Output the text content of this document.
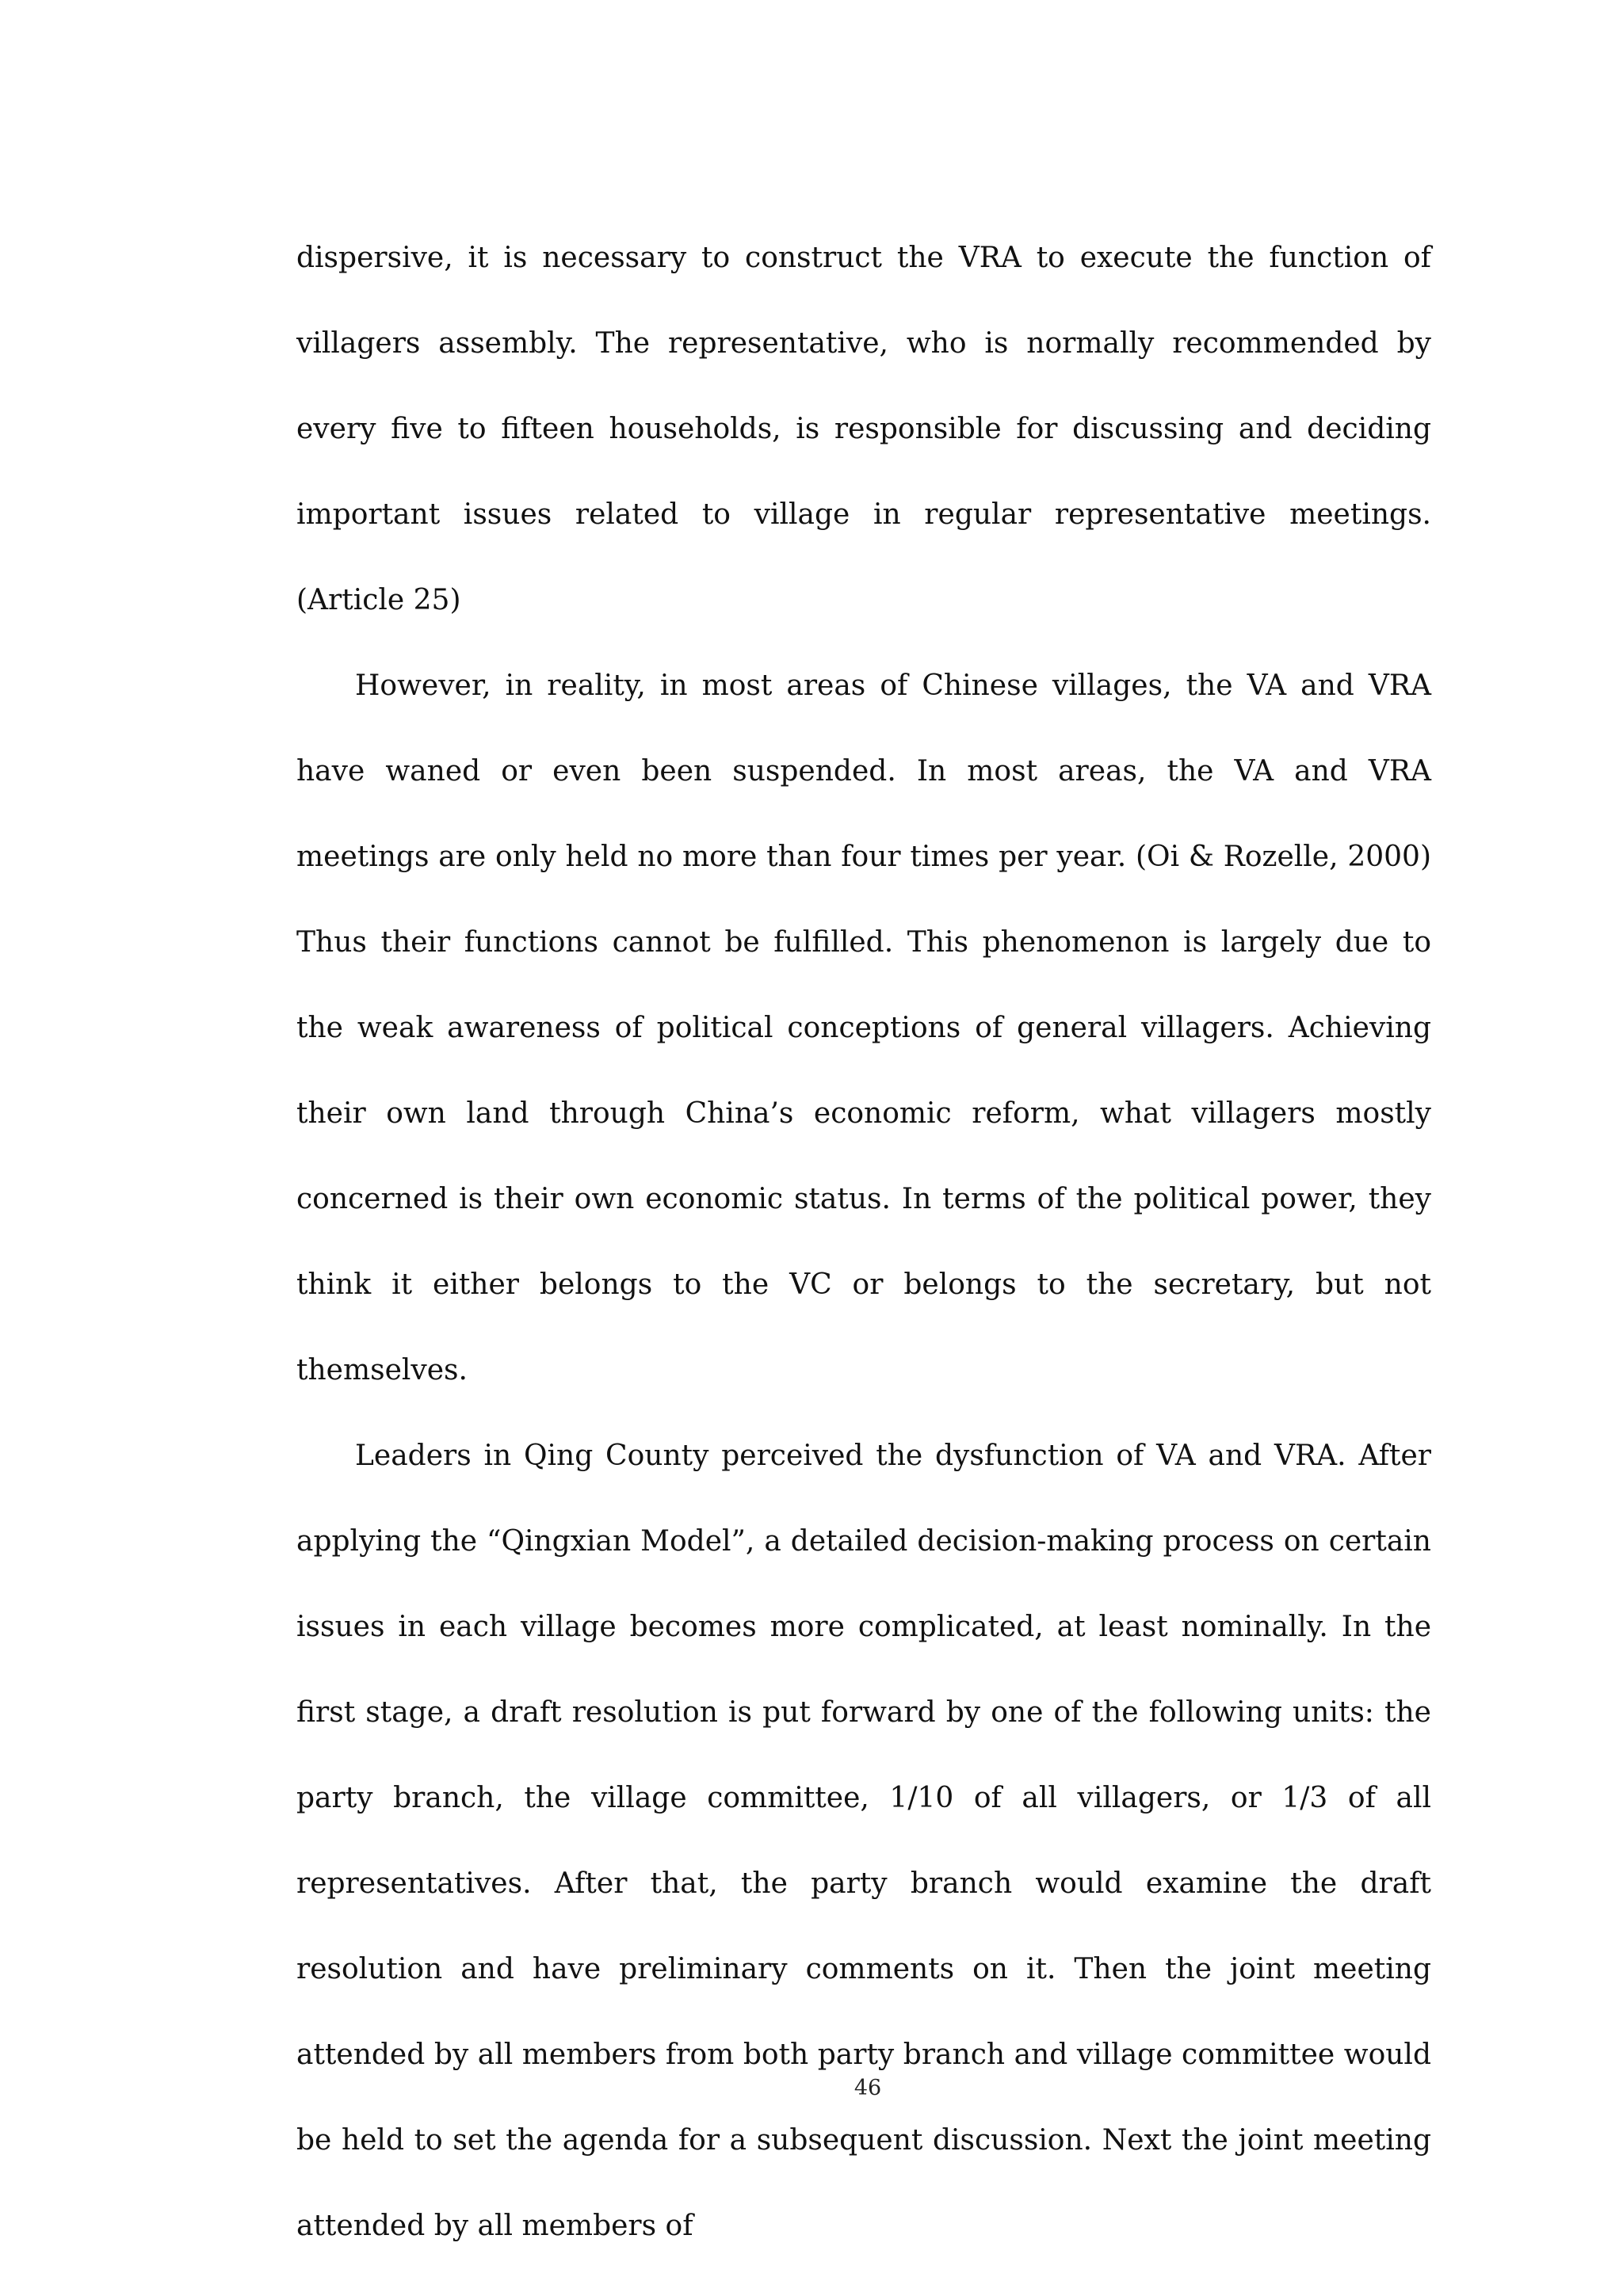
dispersive, it is necessary to construct the VRA to execute the function of villagers assembly. The representative, who is normally recommended by every five to fifteen households, is responsible for discussing and deciding important issues related to village in regular representative meetings. (Article 25)

However, in reality, in most areas of Chinese villages, the VA and VRA have waned or even been suspended. In most areas, the VA and VRA meetings are only held no more than four times per year. (Oi & Rozelle, 2000) Thus their functions cannot be fulfilled. This phenomenon is largely due to the weak awareness of political conceptions of general villagers. Achieving their own land through China’s economic reform, what villagers mostly concerned is their own economic status. In terms of the political power, they think it either belongs to the VC or belongs to the secretary, but not themselves.

Leaders in Qing County perceived the dysfunction of VA and VRA. After applying the “Qingxian Model”, a detailed decision-making process on certain issues in each village becomes more complicated, at least nominally. In the first stage, a draft resolution is put forward by one of the following units: the party branch, the village committee, 1/10 of all villagers, or 1/3 of all representatives. After that, the party branch would examine the draft resolution and have preliminary comments on it. Then the joint meeting attended by all members from both party branch and village committee would be held to set the agenda for a subsequent discussion. Next the joint meeting attended by all members of

46
